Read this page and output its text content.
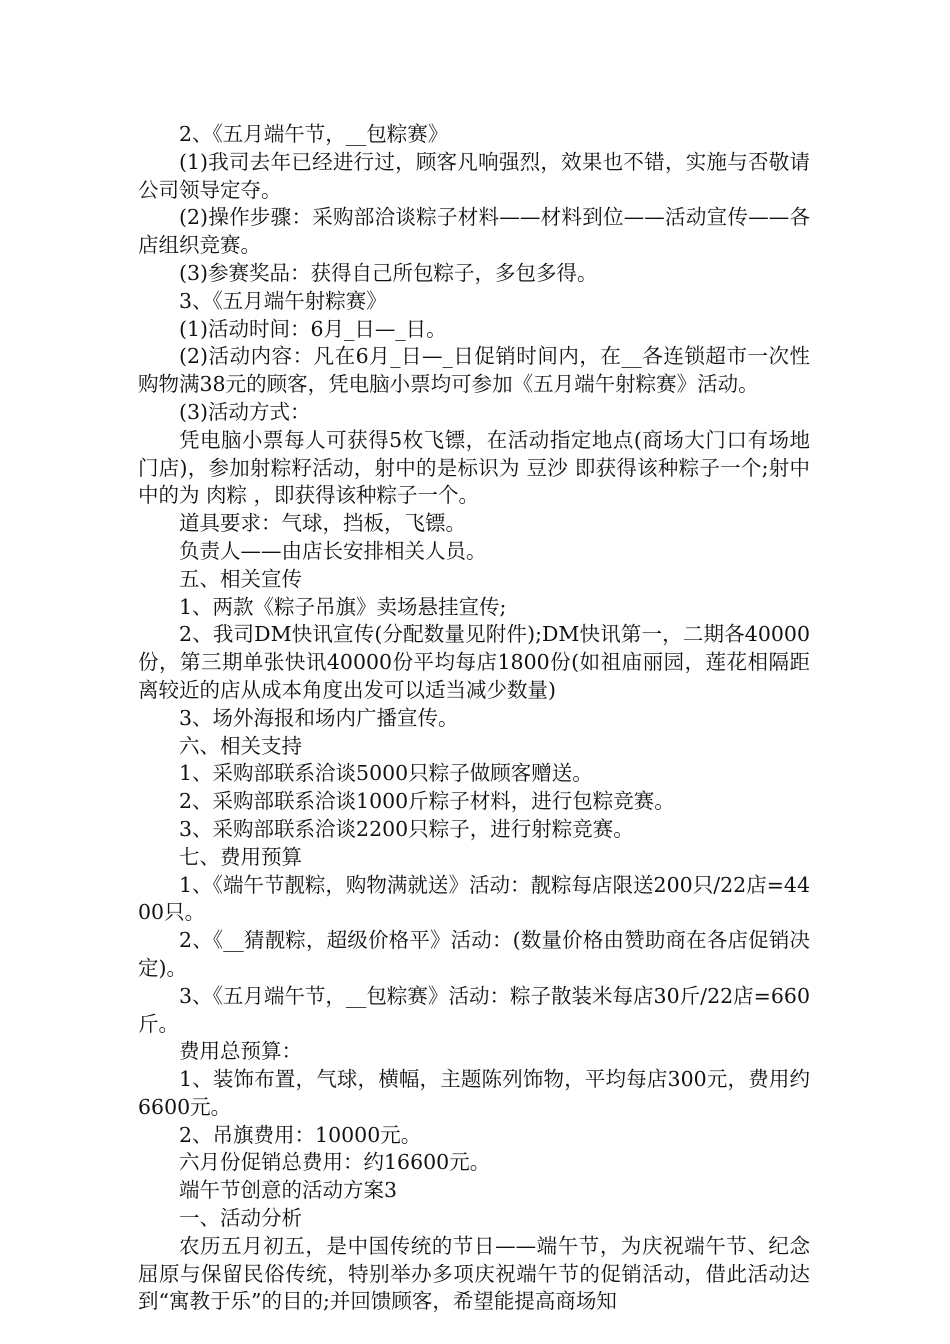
2、《五月端午节，__包粽赛》

(1)我司去年已经进行过，顾客凡响强烈，效果也不错，实施与否敬请公司领导定夺。

(2)操作步骤：采购部洽谈粽子材料——材料到位——活动宣传——各店组织竞赛。

(3)参赛奖品：获得自己所包粽子，多包多得。

3、《五月端午射粽赛》

(1)活动时间：6月_日—_日。

(2)活动内容：凡在6月_日—_日促销时间内，在__各连锁超市一次性购物满38元的顾客，凭电脑小票均可参加《五月端午射粽赛》活动。

(3)活动方式：

凭电脑小票每人可获得5枚飞镖，在活动指定地点(商场大门口有场地门店)，参加射粽籽活动，射中的是标识为 豆沙 即获得该种粽子一个;射中中的为 肉粽 ，即获得该种粽子一个。

道具要求：气球，挡板，飞镖。

负责人——由店长安排相关人员。

五、相关宣传

1、两款《粽子吊旗》卖场悬挂宣传;

2、我司DM快讯宣传(分配数量见附件);DM快讯第一，二期各40000份，第三期单张快讯40000份平均每店1800份(如祖庙丽园，莲花相隔距离较近的店从成本角度出发可以适当减少数量)

3、场外海报和场内广播宣传。

六、相关支持

1、采购部联系洽谈5000只粽子做顾客赠送。

2、采购部联系洽谈1000斤粽子材料，进行包粽竞赛。

3、采购部联系洽谈2200只粽子，进行射粽竞赛。

七、费用预算

1、《端午节靓粽，购物满就送》活动：靓粽每店限送200只/22店=4400只。

2、《__猜靓粽，超级价格平》活动：(数量价格由赞助商在各店促销决定)。

3、《五月端午节，__包粽赛》活动：粽子散装米每店30斤/22店=660斤。

费用总预算：

1、装饰布置，气球，横幅，主题陈列饰物，平均每店300元，费用约6600元。

2、吊旗费用：10000元。

六月份促销总费用：约16600元。

端午节创意的活动方案3

一、活动分析

农历五月初五，是中国传统的节日——端午节，为庆祝端午节、纪念屈原与保留民俗传统，特别举办多项庆祝端午节的促销活动，借此活动达到“寓教于乐”的目的;并回馈顾客，希望能提高商场知
